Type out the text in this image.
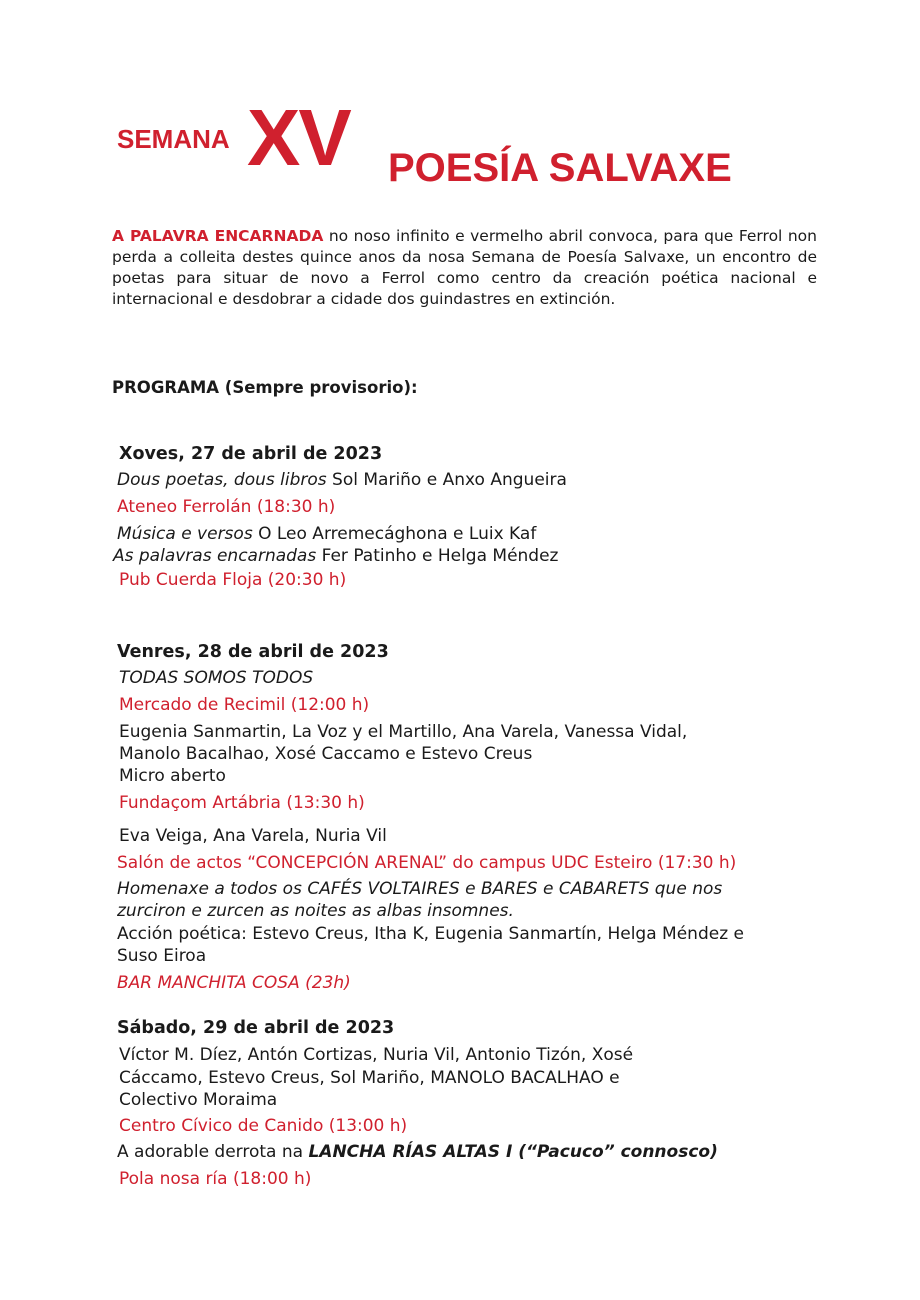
SEMANA XV POESÍA SALVAXE

A PALAVRA ENCARNADA no noso infinito e vermelho abril convoca, para que Ferrol non perda a colleita destes quince anos da nosa Semana de Poesía Salvaxe, un encontro de poetas para situar de novo a Ferrol como centro da creación poética nacional e internacional e desdobrar a cidade dos guindastres en extinción.

PROGRAMA (Sempre provisorio):

Xoves, 27 de abril de 2023

Dous poetas, dous libros Sol Mariño e Anxo Angueira

Ateneo Ferrolán (18:30 h)

Música e versos O Leo Arremecághona e Luix Kaf

As palavras encarnadas Fer Patinho e Helga Méndez

Pub Cuerda Floja (20:30 h)

Venres, 28 de abril de 2023

TODAS SOMOS TODOS

Mercado de Recimil (12:00 h)

Eugenia Sanmartin, La Voz y el Martillo, Ana Varela, Vanessa Vidal,

Manolo Bacalhao, Xosé Caccamo e Estevo Creus

Micro aberto

Fundaçom Artábria (13:30 h)

Eva Veiga, Ana Varela, Nuria Vil

Salón de actos “CONCEPCIÓN ARENAL” do campus UDC Esteiro (17:30 h)

Homenaxe a todos os CAFÉS VOLTAIRES e BARES e CABARETS que nos

zurciron e zurcen as noites as albas insomnes.

Acción poética: Estevo Creus, Itha K, Eugenia Sanmartín, Helga Méndez e

Suso Eiroa

BAR MANCHITA COSA (23h)

Sábado, 29 de abril de 2023

Víctor M. Díez, Antón Cortizas, Nuria Vil, Antonio Tizón, Xosé

Cáccamo, Estevo Creus, Sol Mariño, MANOLO BACALHAO e

Colectivo Moraima

Centro Cívico de Canido (13:00 h)

A adorable derrota na LANCHA RÍAS ALTAS I (“Pacuco” connosco)

Pola nosa ría (18:00 h)
